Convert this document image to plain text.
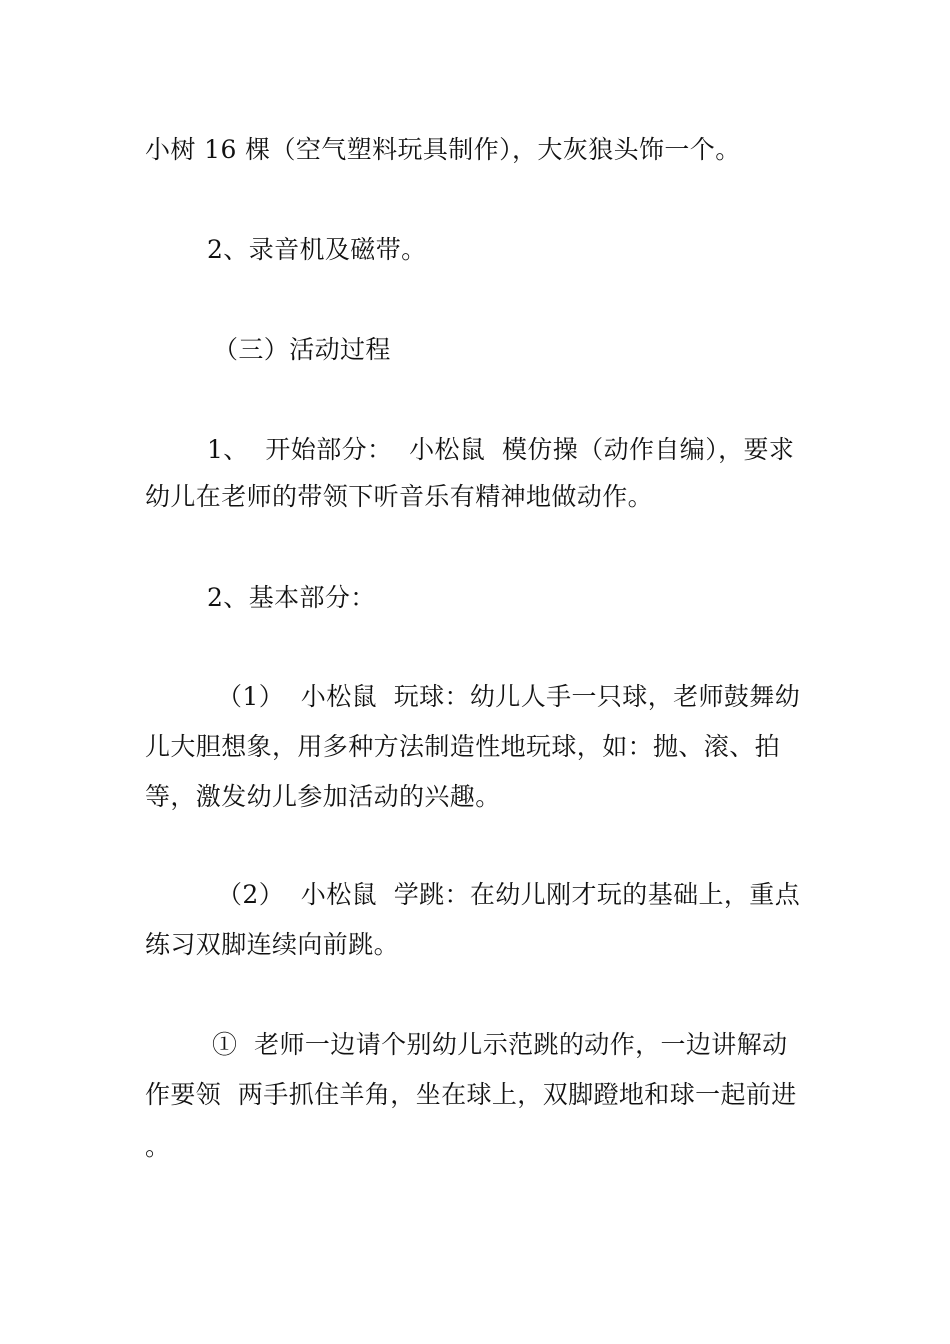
小树 16 棵（空气塑料玩具制作），大灰狼头饰一个。
2、录音机及磁带。
（三）活动过程
1、  开始部分：  小松鼠  模仿操（动作自编），要求
幼儿在老师的带领下听音乐有精神地做动作。
2、基本部分：
（1）  小松鼠  玩球：幼儿人手一只球，老师鼓舞幼
儿大胆想象，用多种方法制造性地玩球，如：抛、滚、拍
等，激发幼儿参加活动的兴趣。
（2）  小松鼠  学跳：在幼儿刚才玩的基础上，重点
练习双脚连续向前跳。
①  老师一边请个别幼儿示范跳的动作，一边讲解动
作要领  两手抓住羊角，坐在球上，双脚蹬地和球一起前进
。
